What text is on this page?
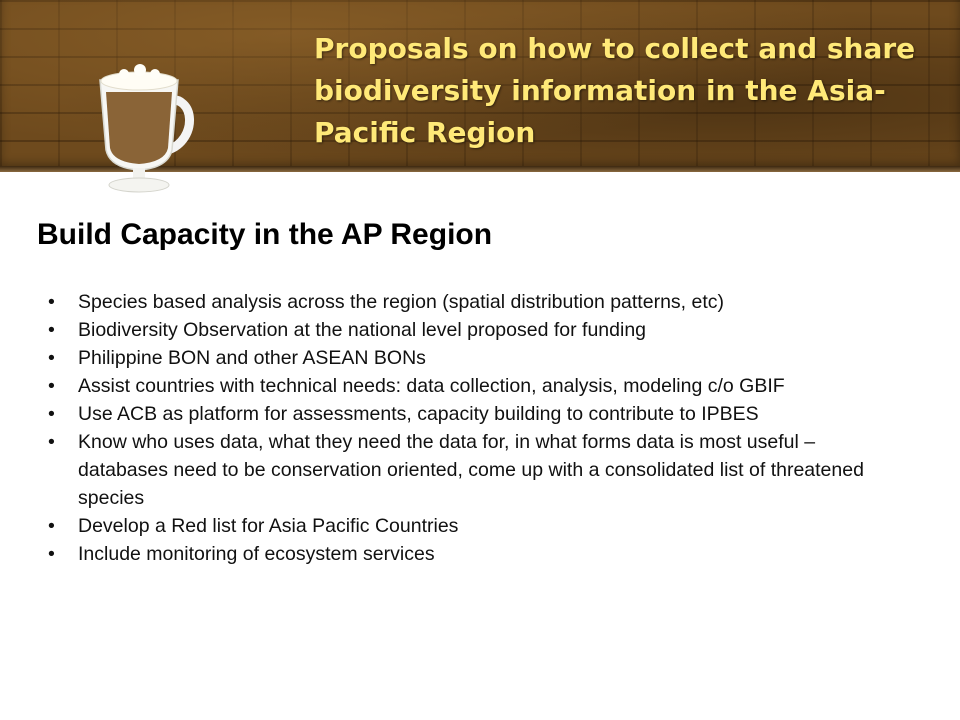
Proposals on how to collect and share biodiversity information in the Asia-Pacific Region
Build Capacity in the AP Region
•	Species based analysis across the region (spatial distribution patterns, etc)
•	Biodiversity Observation at the national level proposed for funding
•	Philippine BON and other ASEAN BONs
•	Assist countries with technical needs: data collection, analysis, modeling c/o GBIF
•	Use ACB as platform for assessments, capacity building to contribute to IPBES
•	Know who uses data, what they need the data for, in what forms data is most useful – databases need to be conservation oriented, come up with a consolidated list of threatened species
•	Develop a Red list for Asia Pacific Countries
•	Include monitoring of ecosystem services
